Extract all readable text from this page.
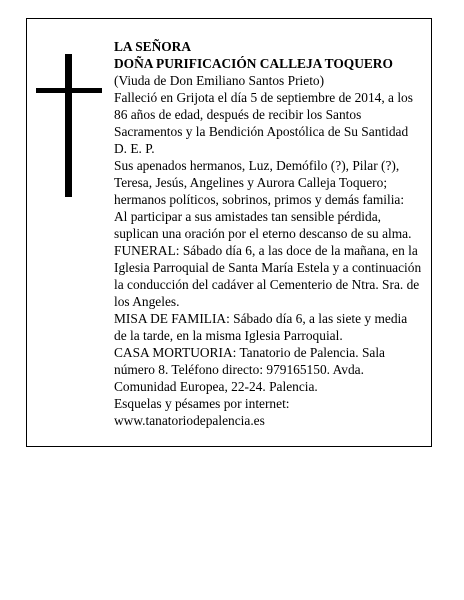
LA SEÑORA

DOÑA PURIFICACIÓN CALLEJA TOQUERO

(Viuda de Don Emiliano Santos Prieto)

Falleció en Grijota el día 5 de septiembre de 2014, a los 86 años de edad, después de recibir los Santos Sacramentos y la Bendición Apostólica de Su Santidad

D. E. P.

Sus apenados hermanos, Luz, Demófilo (?), Pilar (?), Teresa, Jesús, Angelines y Aurora Calleja Toquero; hermanos políticos, sobrinos, primos y demás familia:

Al participar a sus amistades tan sensible pérdida, suplican una oración por el eterno descanso de su alma.

FUNERAL: Sábado día 6, a las doce de la mañana, en la Iglesia Parroquial de Santa María Estela y a continuación la conducción del cadáver al Cementerio de Ntra. Sra. de los Angeles.

MISA DE FAMILIA: Sábado día 6, a las siete y media de la tarde, en la misma Iglesia Parroquial.

CASA MORTUORIA: Tanatorio de Palencia. Sala número 8. Teléfono directo: 979165150. Avda. Comunidad Europea, 22-24. Palencia.

Esquelas y pésames por internet:

www.tanatoriodepalencia.es
